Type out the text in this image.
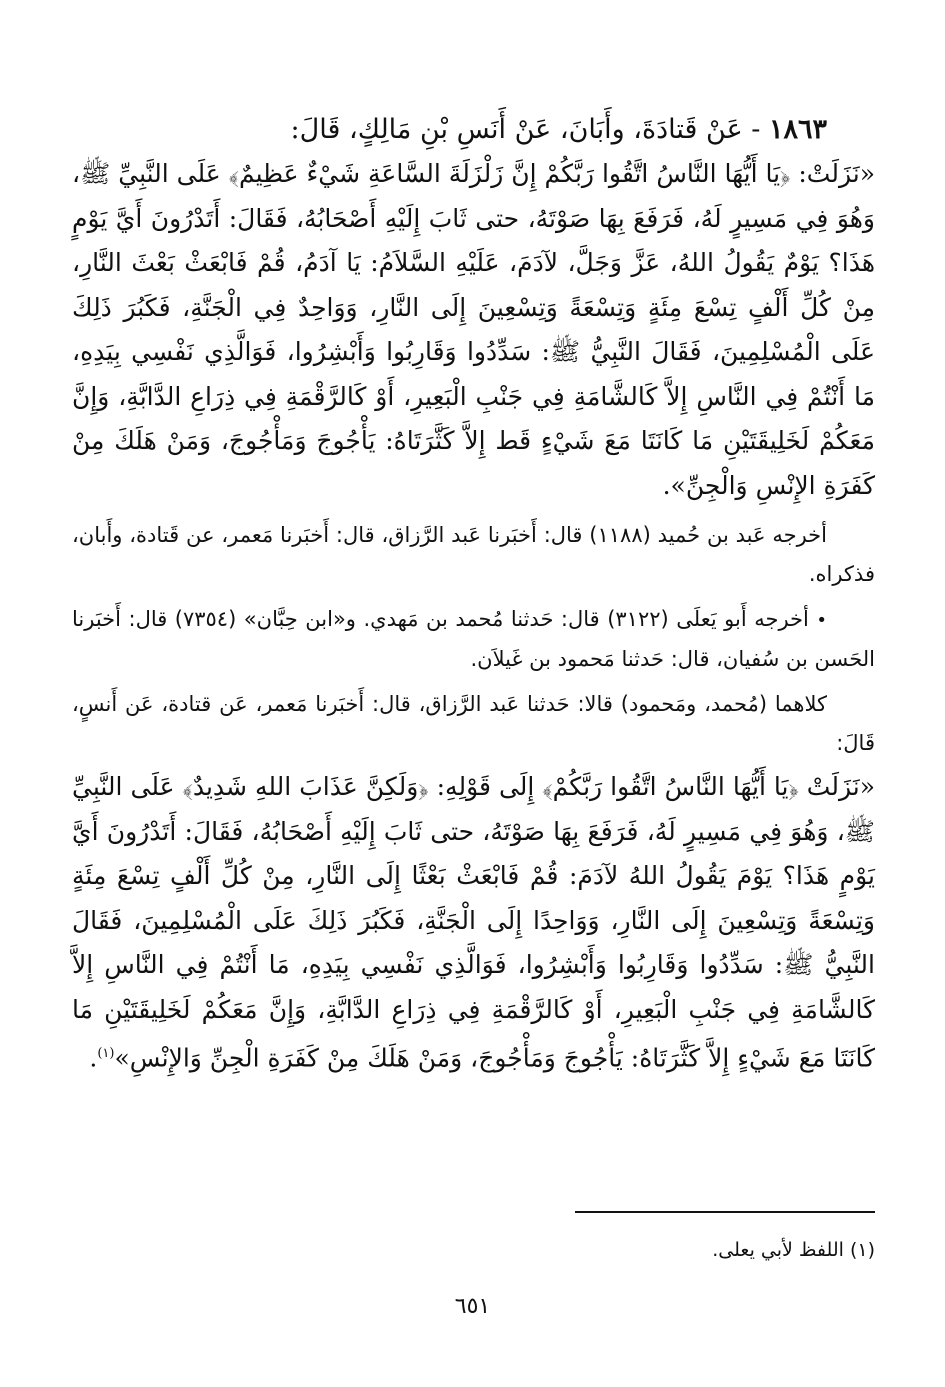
١٨٦٣ - عَنْ قَتادَةَ، وأَبَانَ، عَنْ أَنَسِ بْنِ مَالِكٍ، قَالَ:

«نَزَلَتْ: ﴿يَا أَيُّهَا النَّاسُ اتَّقُوا رَبَّكُمْ إِنَّ زَلْزَلَةَ السَّاعَةِ شَيْءٌ عَظِيمٌ﴾ عَلَى النَّبِيِّ ﷺ، وَهُوَ فِي مَسِيرٍ لَهُ، فَرَفَعَ بِهَا صَوْتَهُ، حتى ثَابَ إِلَيْهِ أَصْحَابُهُ، فَقَالَ: أَتَدْرُونَ أَيَّ يَوْمٍ هَذَا؟ يَوْمٌ يَقُولُ اللهُ، عَزَّ وَجَلَّ، لآدَمَ، عَلَيْهِ السَّلاَمُ: يَا آدَمُ، قُمْ فَابْعَثْ بَعْثَ النَّارِ، مِنْ كُلِّ أَلْفٍ تِسْعَ مِئَةٍ وَتِسْعَةً وَتِسْعِينَ إِلَى النَّارِ، وَوَاحِدٌ فِي الْجَنَّةِ، فَكَبُرَ ذَلِكَ عَلَى الْمُسْلِمِينَ، فَقَالَ النَّبِيُّ ﷺ: سَدِّدُوا وَقَارِبُوا وَأَبْشِرُوا، فَوَالَّذِي نَفْسِي بِيَدِهِ، مَا أَنْتُمْ فِي النَّاسِ إِلاَّ كَالشَّامَةِ فِي جَنْبِ الْبَعِيرِ، أَوْ كَالرَّقْمَةِ فِي ذِرَاعِ الدَّابَّةِ، وَإِنَّ مَعَكُمْ لَخَلِيقَتَيْنِ مَا كَانَتَا مَعَ شَيْءٍ قَط إِلاَّ كَثَّرَتَاهُ: يَأْجُوجَ وَمَأْجُوجَ، وَمَنْ هَلَكَ مِنْ كَفَرَةِ الإِنْسِ وَالْجِنِّ».

أخرجه عَبد بن حُميد (١١٨٨) قال: أَخبَرنا عَبد الرَّزاق، قال: أَخبَرنا مَعمر، عن قَتادة، وأَبان، فذكراه.

• أخرجه أَبو يَعلَى (٣١٢٢) قال: حَدثنا مُحمد بن مَهدي. و«ابن حِبَّان» (٧٣٥٤) قال: أَخبَرنا الحَسن بن سُفيان، قال: حَدثنا مَحمود بن غَيلاَن.

كلاهما (مُحمد، ومَحمود) قالا: حَدثنا عَبد الرَّزاق، قال: أَخبَرنا مَعمر، عَن قتادة، عَن أَنسٍ، قَالَ:

«نَزَلَتْ ﴿يَا أَيُّهَا النَّاسُ اتَّقُوا رَبَّكُمْ﴾ إِلَى قَوْلِهِ: ﴿وَلَكِنَّ عَذَابَ اللهِ شَدِيدٌ﴾ عَلَى النَّبِيِّ ﷺ، وَهُوَ فِي مَسِيرٍ لَهُ، فَرَفَعَ بِهَا صَوْتَهُ، حتى ثَابَ إِلَيْهِ أَصْحَابُهُ، فَقَالَ: أَتَدْرُونَ أَيَّ يَوْمٍ هَذَا؟ يَوْمَ يَقُولُ اللهُ لآدَمَ: قُمْ فَابْعَثْ بَعْثًا إِلَى النَّارِ، مِنْ كُلِّ أَلْفٍ تِسْعَ مِئَةٍ وَتِسْعَةً وَتِسْعِينَ إِلَى النَّارِ، وَوَاحِدًا إِلَى الْجَنَّةِ، فَكَبُرَ ذَلِكَ عَلَى الْمُسْلِمِينَ، فَقَالَ النَّبِيُّ ﷺ: سَدِّدُوا وَقَارِبُوا وَأَبْشِرُوا، فَوَالَّذِي نَفْسِي بِيَدِهِ، مَا أَنْتُمْ فِي النَّاسِ إِلاَّ كَالشَّامَةِ فِي جَنْبِ الْبَعِيرِ، أَوْ كَالرَّقْمَةِ فِي ذِرَاعِ الدَّابَّةِ، وَإِنَّ مَعَكُمْ لَخَلِيقَتَيْنِ مَا كَانَتَا مَعَ شَيْءٍ إِلاَّ كَثَّرَتَاهُ: يَأْجُوجَ وَمَأْجُوجَ، وَمَنْ هَلَكَ مِنْ كَفَرَةِ الْجِنِّ وَالإِنْسِ»$^{(١)}$.

(١) اللفظ لأبي يعلى.

٦٥١
